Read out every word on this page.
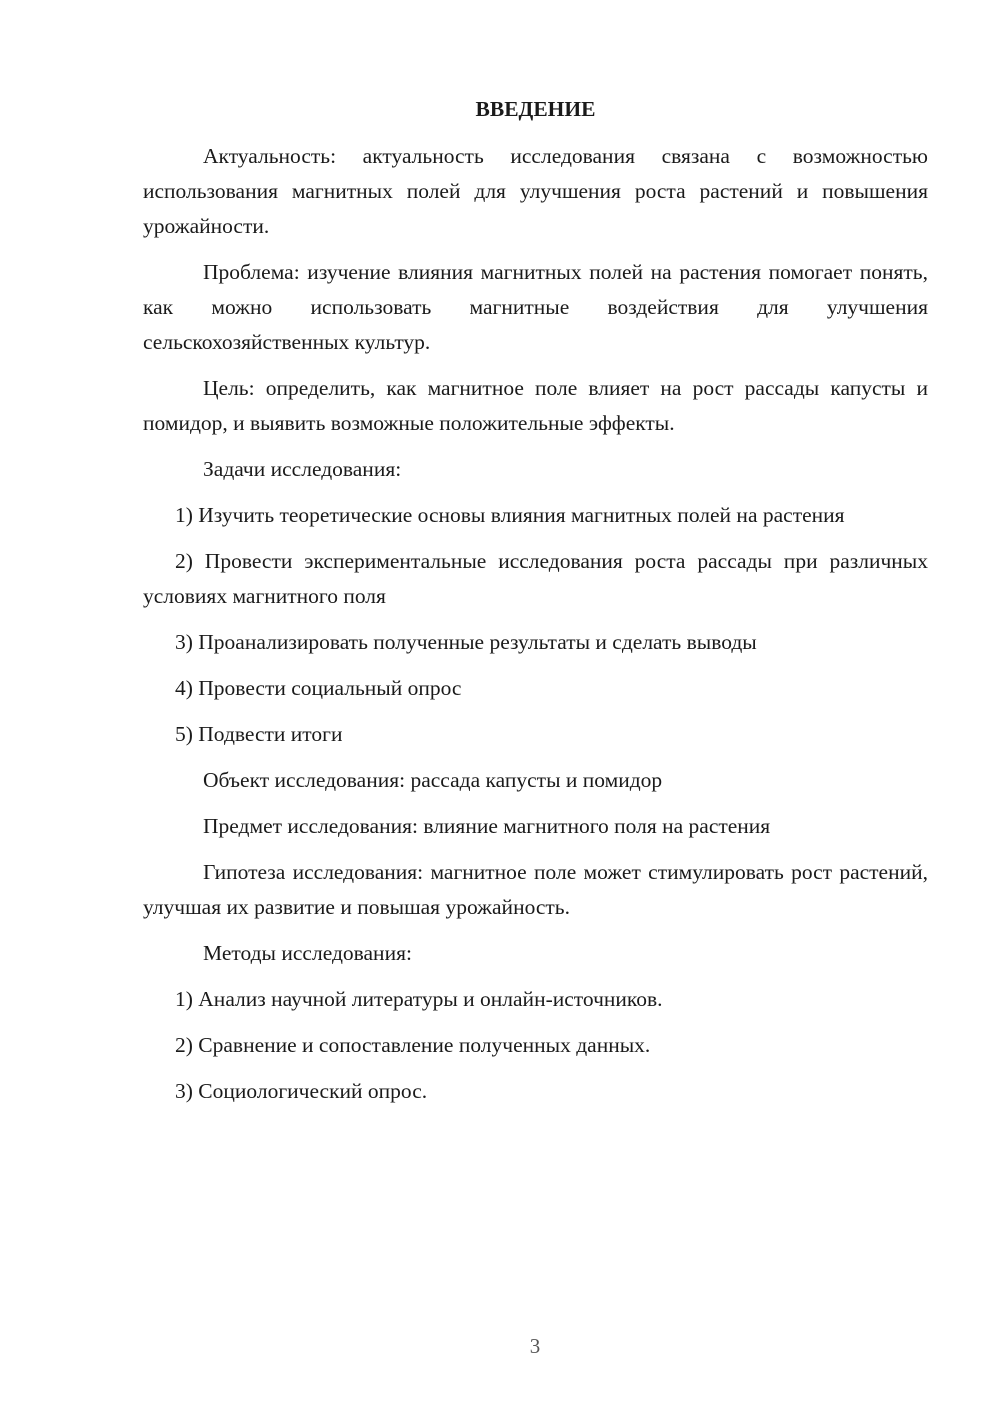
ВВЕДЕНИЕ

Актуальность: актуальность исследования связана с возможностью использования магнитных полей для улучшения роста растений и повышения урожайности.

Проблема: изучение влияния магнитных полей на растения помогает понять, как можно использовать магнитные воздействия для улучшения сельскохозяйственных культур.

Цель: определить, как магнитное поле влияет на рост рассады капусты и помидор, и выявить возможные положительные эффекты.

Задачи исследования:

1) Изучить теоретические основы влияния магнитных полей на растения

2) Провести экспериментальные исследования роста рассады при различных условиях магнитного поля

3) Проанализировать полученные результаты и сделать выводы

4) Провести социальный опрос

5) Подвести итоги

Объект исследования: рассада капусты и помидор

Предмет исследования: влияние магнитного поля на растения

Гипотеза исследования: магнитное поле может стимулировать рост растений, улучшая их развитие и повышая урожайность.

Методы исследования:

1) Анализ научной литературы и онлайн-источников.

2) Сравнение и сопоставление полученных данных.

3) Социологический опрос.

3
